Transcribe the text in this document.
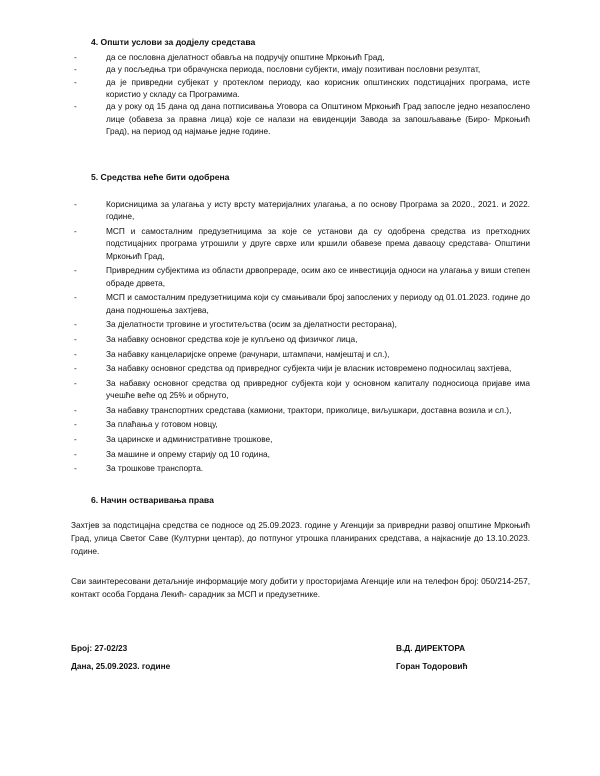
4. Општи услови за додјелу средстава
-	да се пословна дјелатност обавља на подручју општине Мркоњић Град,
-	да у посљедња три обрачунска периода, пословни субјекти, имају позитиван пословни резултат,
-	да је привредни субјекат у протеклом периоду, као корисник општинских подстицајних програма, исте користио у складу са Програмима.
-	да у року од 15 дана од дана потписивања Уговора са Општином Мркоњић Град запосле једно незапослено лице (обавеза за правна лица) које се налази на евиденцији Завода за запошљавање (Биро- Мркоњић Град), на период од најмање једне године.
5. Средства неће бити одобрена
-	Корисницима за улагања у исту врсту материјалних улагања, а по основу Програма за 2020., 2021. и 2022. године,
-	МСП и самосталним предузетницима за које се установи да су одобрена средства из претходних подстицајних програма утрошили у друге сврхе или кршили обавезе према даваоцу средстава- Општини Мркоњић Град,
-	Привредним субјектима из области дрвопрераде, осим ако се инвестиција односи на улагања у виши степен обраде дрвета,
-	МСП и самосталним предузетницима који су смањивали број запослених у периоду од 01.01.2023. године до дана подношења захтјева,
-	За дјелатности трговине и угоститељства (осим за дјелатности ресторана),
-	За набавку основног средства које је купљено од физичког лица,
-	За набавку канцеларијске опреме (рачунари, штампачи, намјештај и сл.),
-	За набавку основног средства од привредног субјекта чији је власник истовремено подносилац захтјева,
-	За набавку основног средства од привредног субјекта који у основном капиталу подносиоца пријаве има учешће веће од 25% и обрнуто,
-	За набавку транспортних средстава (камиони, трактори, приколице, виљушкари, доставна возила и сл.),
-	За плаћања у готовом новцу,
-	За царинске и административне трошкове,
-	За машине и опрему старију од 10 година,
-	За трошкове транспорта.
6. Начин остваривања права

Захтјев за подстицајна средства се подносе од 25.09.2023. године у Агенцији за привредни развој општине Мркоњић Град, улица Светог Саве (Културни центар), до потпуног утрошка планираних средстава, а најкасније до 13.10.2023. године.

Сви заинтересовани детаљније информације могу добити у просторијама Агенције или на телефон број: 050/214-257, контакт особа Гордана Лекић- сарадник за МСП и предузетнике.

Број: 27-02/23

Дана, 25.09.2023. године

В.Д. ДИРЕКТОРА

Горан Тодоровић
